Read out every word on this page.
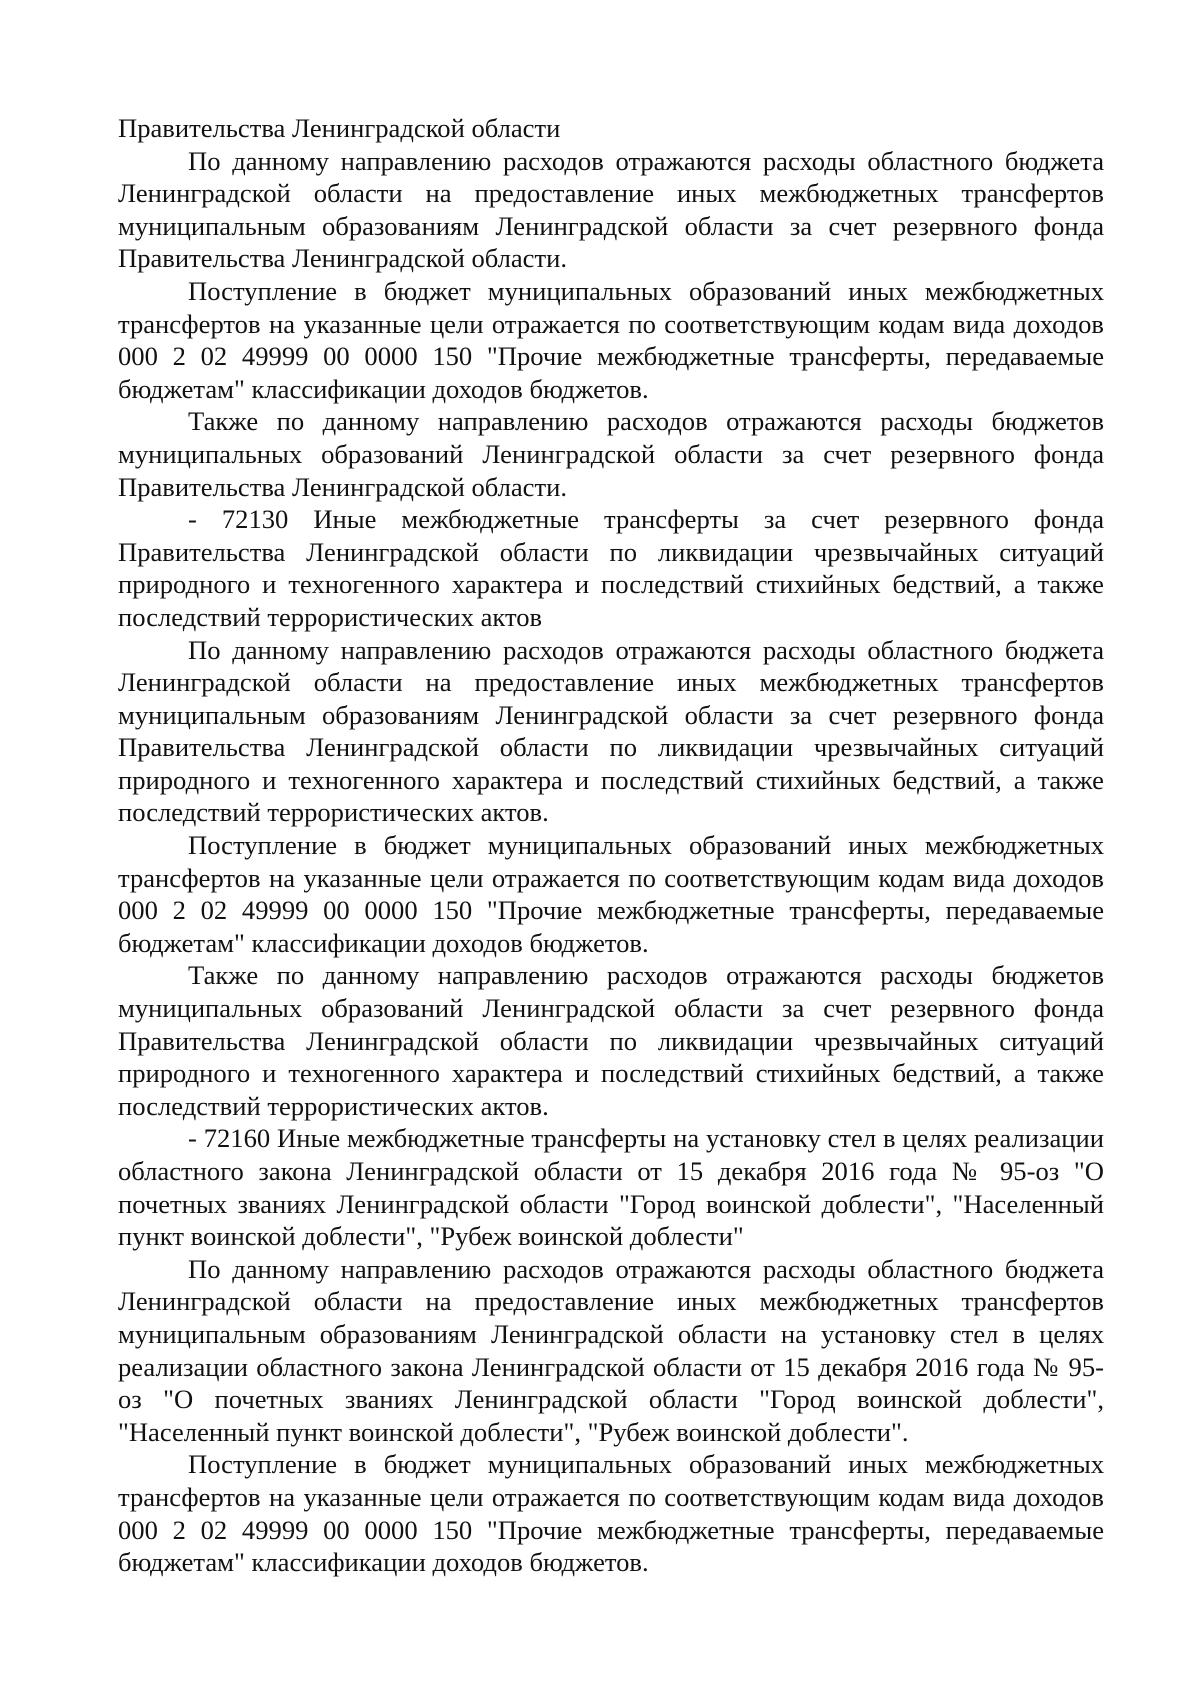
Правительства Ленинградской области

По данному направлению расходов отражаются расходы областного бюджета Ленинградской области на предоставление иных межбюджетных трансфертов муниципальным образованиям Ленинградской области за счет резервного фонда Правительства Ленинградской области.

Поступление в бюджет муниципальных образований иных межбюджетных трансфертов на указанные цели отражается по соответствующим кодам вида доходов 000 2 02 49999 00 0000 150 "Прочие межбюджетные трансферты, передаваемые бюджетам" классификации доходов бюджетов.

Также по данному направлению расходов отражаются расходы бюджетов муниципальных образований Ленинградской области за счет резервного фонда Правительства Ленинградской области.

- 72130 Иные межбюджетные трансферты за счет резервного фонда Правительства Ленинградской области по ликвидации чрезвычайных ситуаций природного и техногенного характера и последствий стихийных бедствий, а также последствий террористических актов

По данному направлению расходов отражаются расходы областного бюджета Ленинградской области на предоставление иных межбюджетных трансфертов муниципальным образованиям Ленинградской области за счет резервного фонда Правительства Ленинградской области по ликвидации чрезвычайных ситуаций природного и техногенного характера и последствий стихийных бедствий, а также последствий террористических актов.

Поступление в бюджет муниципальных образований иных межбюджетных трансфертов на указанные цели отражается по соответствующим кодам вида доходов 000 2 02 49999 00 0000 150 "Прочие межбюджетные трансферты, передаваемые бюджетам" классификации доходов бюджетов.

Также по данному направлению расходов отражаются расходы бюджетов муниципальных образований Ленинградской области за счет резервного фонда Правительства Ленинградской области по ликвидации чрезвычайных ситуаций природного и техногенного характера и последствий стихийных бедствий, а также последствий террористических актов.

- 72160 Иные межбюджетные трансферты на установку стел в целях реализации областного закона Ленинградской области от 15 декабря 2016 года № 95-оз "О почетных званиях Ленинградской области "Город воинской доблести", "Населенный пункт воинской доблести", "Рубеж воинской доблести"

По данному направлению расходов отражаются расходы областного бюджета Ленинградской области на предоставление иных межбюджетных трансфертов муниципальным образованиям Ленинградской области на установку стел в целях реализации областного закона Ленинградской области от 15 декабря 2016 года № 95-оз "О почетных званиях Ленинградской области "Город воинской доблести", "Населенный пункт воинской доблести", "Рубеж воинской доблести".

Поступление в бюджет муниципальных образований иных межбюджетных трансфертов на указанные цели отражается по соответствующим кодам вида доходов 000 2 02 49999 00 0000 150 "Прочие межбюджетные трансферты, передаваемые бюджетам" классификации доходов бюджетов.
